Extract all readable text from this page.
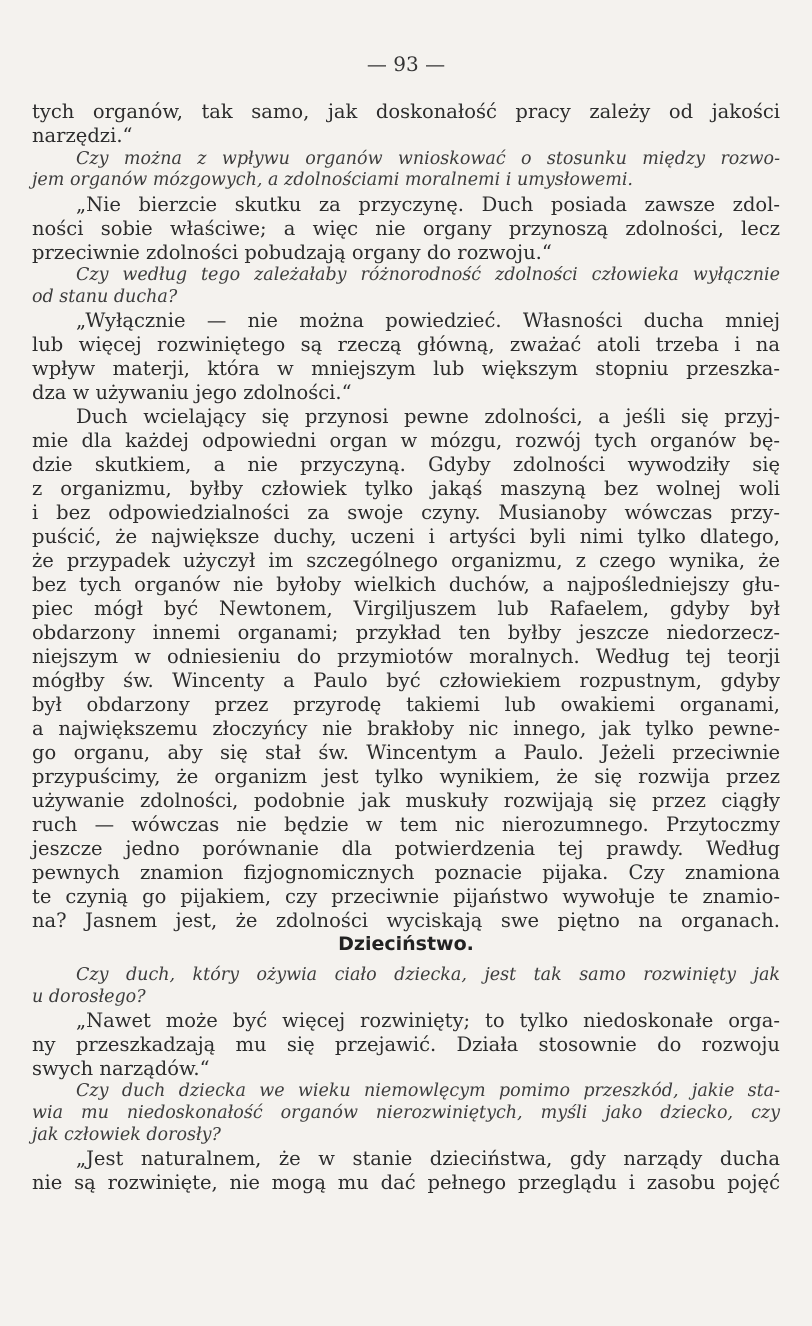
— 93 —
tych organów, tak samo, jak doskonałość pracy zależy od jakości
narzędzi.“
Czy można z wpływu organów wnioskować o stosunku między rozwo-
jem organów mózgowych, a zdolnościami moralnemi i umysłowemi.
„Nie bierzcie skutku za przyczynę. Duch posiada zawsze zdol-
ności sobie właściwe; a więc nie organy przynoszą zdolności, lecz
przeciwnie zdolności pobudzają organy do rozwoju.“
Czy według tego zależałaby różnorodność zdolności człowieka wyłącznie
od stanu ducha?
„Wyłącznie — nie można powiedzieć. Własności ducha mniej
lub więcej rozwiniętego są rzeczą główną, zważać atoli trzeba i na
wpływ materji, która w mniejszym lub większym stopniu przeszka-
dza w używaniu jego zdolności.“
Duch wcielający się przynosi pewne zdolności, a jeśli się przyj-
mie dla każdej odpowiedni organ w mózgu, rozwój tych organów bę-
dzie skutkiem, a nie przyczyną. Gdyby zdolności wywodziły się
z organizmu, byłby człowiek tylko jakąś maszyną bez wolnej woli
i bez odpowiedzialności za swoje czyny. Musianoby wówczas przy-
puścić, że największe duchy, uczeni i artyści byli nimi tylko dlatego,
że przypadek użyczył im szczególnego organizmu, z czego wynika, że
bez tych organów nie byłoby wielkich duchów, a najpośledniejszy głu-
piec mógł być Newtonem, Virgiljuszem lub Rafaelem, gdyby był
obdarzony innemi organami; przykład ten byłby jeszcze niedorzecz-
niejszym w odniesieniu do przymiotów moralnych. Według tej teorji
mógłby św. Wincenty a Paulo być człowiekiem rozpustnym, gdyby
był obdarzony przez przyrodę takiemi lub owakiemi organami,
a największemu złoczyńcy nie brakłoby nic innego, jak tylko pewne-
go organu, aby się stał św. Wincentym a Paulo. Jeżeli przeciwnie
przypuścimy, że organizm jest tylko wynikiem, że się rozwija przez
używanie zdolności, podobnie jak muskuły rozwijają się przez ciągły
ruch — wówczas nie będzie w tem nic nierozumnego. Przytoczmy
jeszcze jedno porównanie dla potwierdzenia tej prawdy. Według
pewnych znamion fizjognomicznych poznacie pijaka. Czy znamiona
te czynią go pijakiem, czy przeciwnie pijaństwo wywołuje te znamio-
na? Jasnem jest, że zdolności wyciskają swe piętno na organach.
Czy duch, który ożywia ciało dziecka, jest tak samo rozwinięty jak
u dorosłego?
„Nawet może być więcej rozwinięty; to tylko niedoskonałe orga-
ny przeszkadzają mu się przejawić. Działa stosownie do rozwoju
swych narządów.“
Czy duch dziecka we wieku niemowlęcym pomimo przeszkód, jakie sta-
wia mu niedoskonałość organów nierozwiniętych, myśli jako dziecko, czy
jak człowiek dorosły?
„Jest naturalnem, że w stanie dzieciństwa, gdy narządy ducha
nie są rozwinięte, nie mogą mu dać pełnego przeglądu i zasobu pojęć
Dzieciństwo.
